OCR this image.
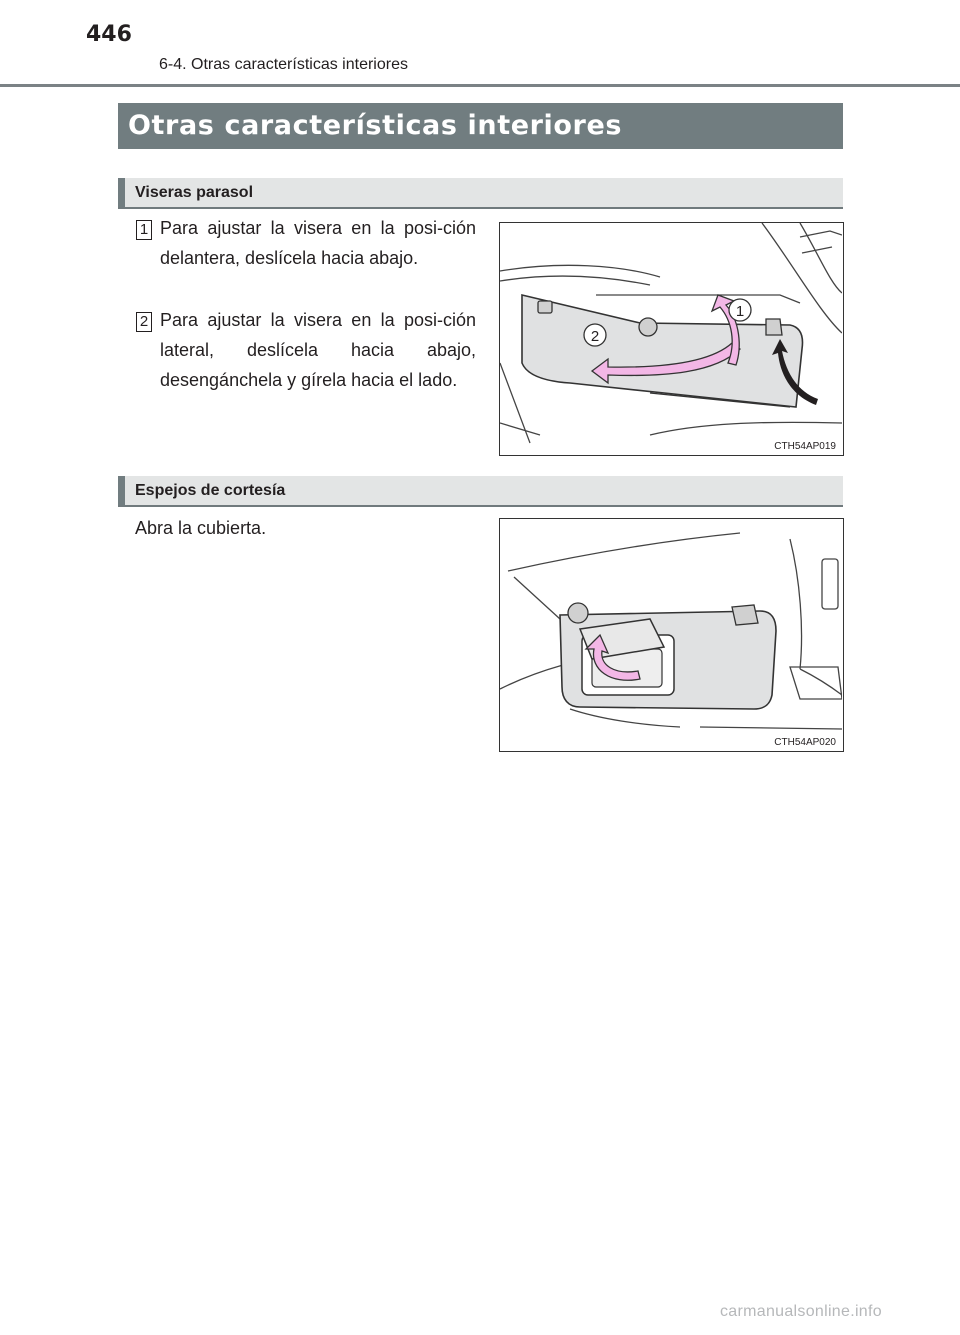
446
6-4. Otras características interiores
Otras características interiores
Viseras parasol
1 Para ajustar la visera en la posi-ción delantera, deslícela hacia abajo.
2 Para ajustar la visera en la posi-ción lateral, deslícela hacia abajo, desengánchela y gírela hacia el lado.
1
2
CTH54AP019
Espejos de cortesía
Abra la cubierta.
CTH54AP020
carmanualsonline.info
